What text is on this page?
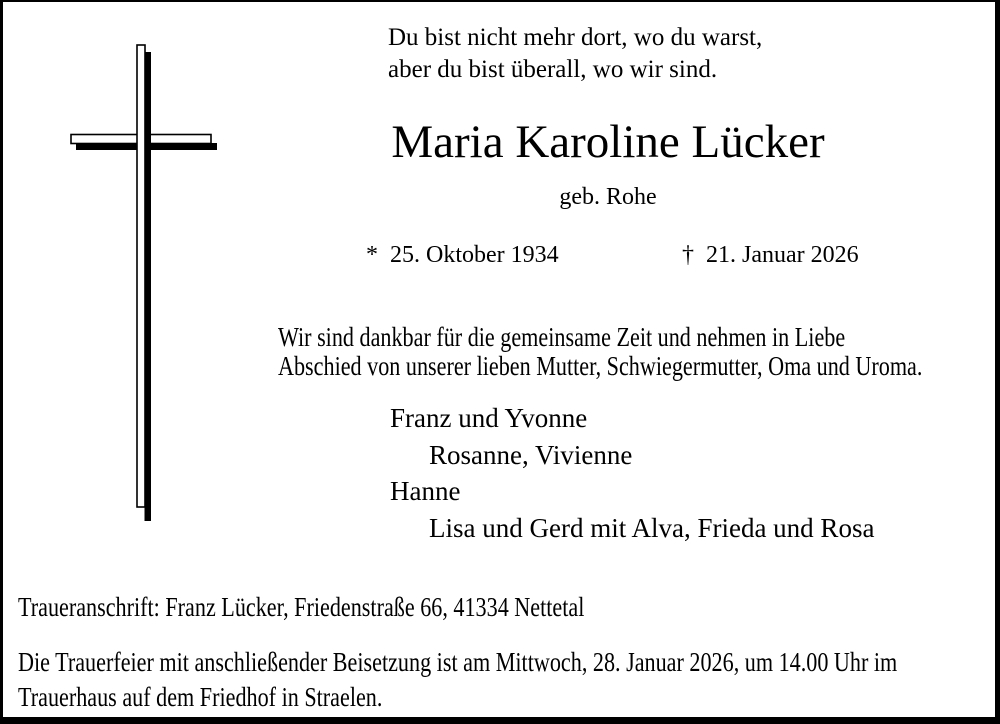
Du bist nicht mehr dort, wo du warst,
aber du bist überall, wo wir sind.
Maria Karoline Lücker
geb. Rohe
* 25. Oktober 1934	† 21. Januar 2026
Wir sind dankbar für die gemeinsame Zeit und nehmen in Liebe
Abschied von unserer lieben Mutter, Schwiegermutter, Oma und Uroma.
Franz und Yvonne
Rosanne, Vivienne
Hanne
Lisa und Gerd mit Alva, Frieda und Rosa
Traueranschrift: Franz Lücker, Friedenstraße 66, 41334 Nettetal
Die Trauerfeier mit anschließender Beisetzung ist am Mittwoch, 28. Januar 2026, um 14.00 Uhr im
Trauerhaus auf dem Friedhof in Straelen.
